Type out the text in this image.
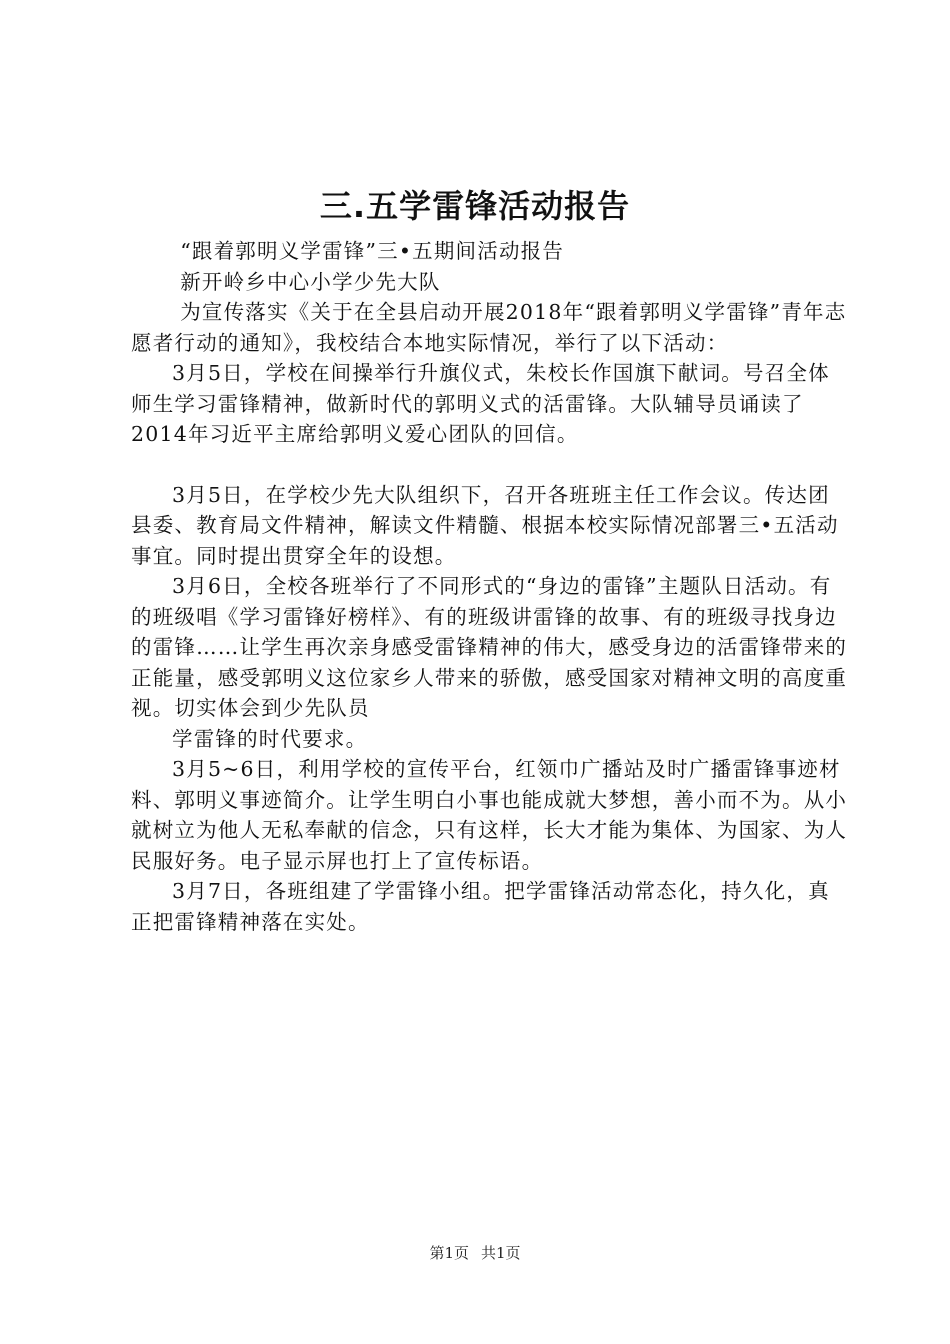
三.五学雷锋活动报告

“跟着郭明义学雷锋”三•五期间活动报告

新开岭乡中心小学少先大队

为宣传落实《关于在全县启动开展2018年“跟着郭明义学雷锋”青年志愿者行动的通知》，我校结合本地实际情况，举行了以下活动：

3月5日，学校在间操举行升旗仪式，朱校长作国旗下献词。号召全体师生学习雷锋精神，做新时代的郭明义式的活雷锋。大队辅导员诵读了2014年习近平主席给郭明义爱心团队的回信。

3月5日，在学校少先大队组织下，召开各班班主任工作会议。传达团县委、教育局文件精神，解读文件精髓、根据本校实际情况部署三•五活动事宜。同时提出贯穿全年的设想。

3月6日，全校各班举行了不同形式的“身边的雷锋”主题队日活动。有的班级唱《学习雷锋好榜样》、有的班级讲雷锋的故事、有的班级寻找身边的雷锋……让学生再次亲身感受雷锋精神的伟大，感受身边的活雷锋带来的正能量，感受郭明义这位家乡人带来的骄傲，感受国家对精神文明的高度重视。切实体会到少先队员

学雷锋的时代要求。

3月5~6日，利用学校的宣传平台，红领巾广播站及时广播雷锋事迹材料、郭明义事迹简介。让学生明白小事也能成就大梦想，善小而不为。从小就树立为他人无私奉献的信念，只有这样，长大才能为集体、为国家、为人民服好务。电子显示屏也打上了宣传标语。

3月7日，各班组建了学雷锋小组。把学雷锋活动常态化，持久化，真正把雷锋精神落在实处。

第1页 共1页
